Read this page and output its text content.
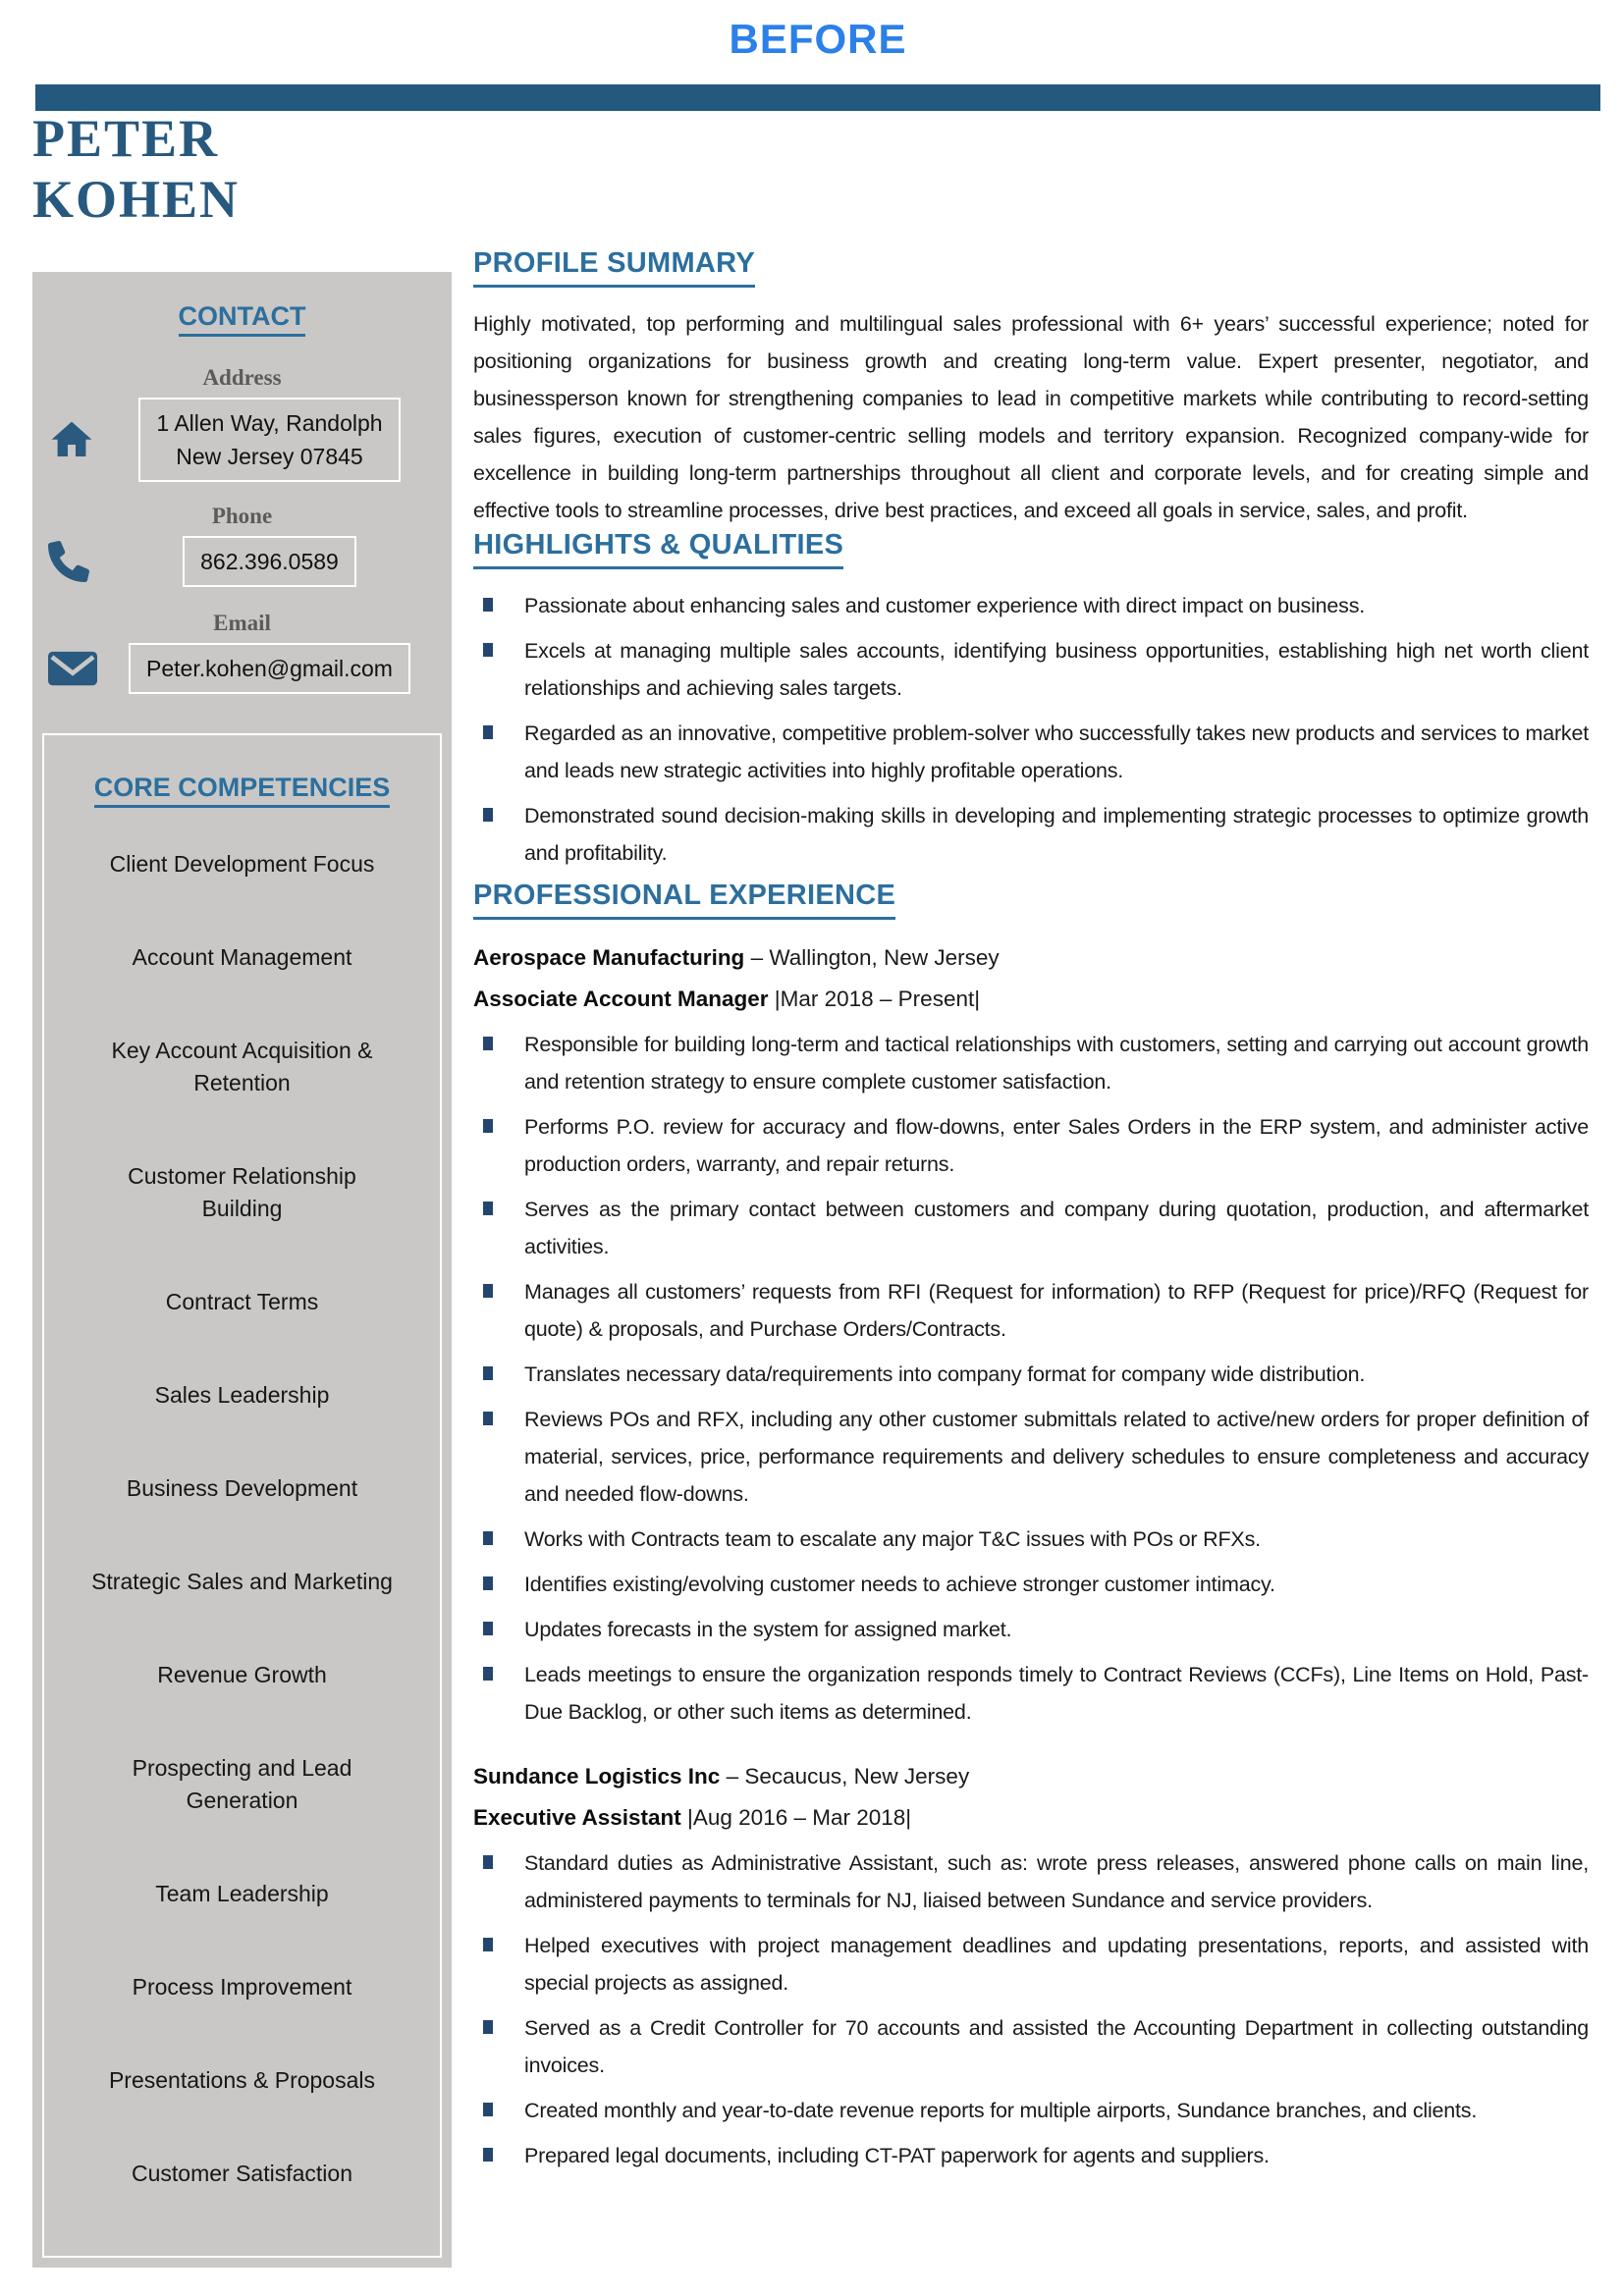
BEFORE
PETER
KOHEN
CONTACT
Address
1 Allen Way, Randolph
New Jersey 07845
Phone
862.396.0589
Email
Peter.kohen@gmail.com
CORE COMPETENCIES
Client Development Focus
Account Management
Key Account Acquisition & Retention
Customer Relationship Building
Contract Terms
Sales Leadership
Business Development
Strategic Sales and Marketing
Revenue Growth
Prospecting and Lead Generation
Team Leadership
Process Improvement
Presentations & Proposals
Customer Satisfaction
PROFILE SUMMARY

Highly motivated, top performing and multilingual sales professional with 6+ years’ successful experience; noted for positioning organizations for business growth and creating long-term value. Expert presenter, negotiator, and businessperson known for strengthening companies to lead in competitive markets while contributing to record-setting sales figures, execution of customer-centric selling models and territory expansion. Recognized company-wide for excellence in building long-term partnerships throughout all client and corporate levels, and for creating simple and effective tools to streamline processes, drive best practices, and exceed all goals in service, sales, and profit.

HIGHLIGHTS & QUALITIES
Passionate about enhancing sales and customer experience with direct impact on business.
Excels at managing multiple sales accounts, identifying business opportunities, establishing high net worth client relationships and achieving sales targets.
Regarded as an innovative, competitive problem-solver who successfully takes new products and services to market and leads new strategic activities into highly profitable operations.
Demonstrated sound decision-making skills in developing and implementing strategic processes to optimize growth and profitability.
PROFESSIONAL EXPERIENCE

Aerospace Manufacturing – Wallington, New Jersey
Associate Account Manager |Mar 2018 – Present|

Responsible for building long-term and tactical relationships with customers, setting and carrying out account growth and retention strategy to ensure complete customer satisfaction.
Performs P.O. review for accuracy and flow-downs, enter Sales Orders in the ERP system, and administer active production orders, warranty, and repair returns.
Serves as the primary contact between customers and company during quotation, production, and aftermarket activities.
Manages all customers’ requests from RFI (Request for information) to RFP (Request for price)/RFQ (Request for quote) & proposals, and Purchase Orders/Contracts.
Translates necessary data/requirements into company format for company wide distribution.
Reviews POs and RFX, including any other customer submittals related to active/new orders for proper definition of material, services, price, performance requirements and delivery schedules to ensure completeness and accuracy and needed flow-downs.
Works with Contracts team to escalate any major T&C issues with POs or RFXs.
Identifies existing/evolving customer needs to achieve stronger customer intimacy.
Updates forecasts in the system for assigned market.
Leads meetings to ensure the organization responds timely to Contract Reviews (CCFs), Line Items on Hold, Past-Due Backlog, or other such items as determined.

Sundance Logistics Inc – Secaucus, New Jersey
Executive Assistant |Aug 2016 – Mar 2018|

Standard duties as Administrative Assistant, such as: wrote press releases, answered phone calls on main line, administered payments to terminals for NJ, liaised between Sundance and service providers.
Helped executives with project management deadlines and updating presentations, reports, and assisted with special projects as assigned.
Served as a Credit Controller for 70 accounts and assisted the Accounting Department in collecting outstanding invoices.
Created monthly and year-to-date revenue reports for multiple airports, Sundance branches, and clients.
Prepared legal documents, including CT-PAT paperwork for agents and suppliers.
